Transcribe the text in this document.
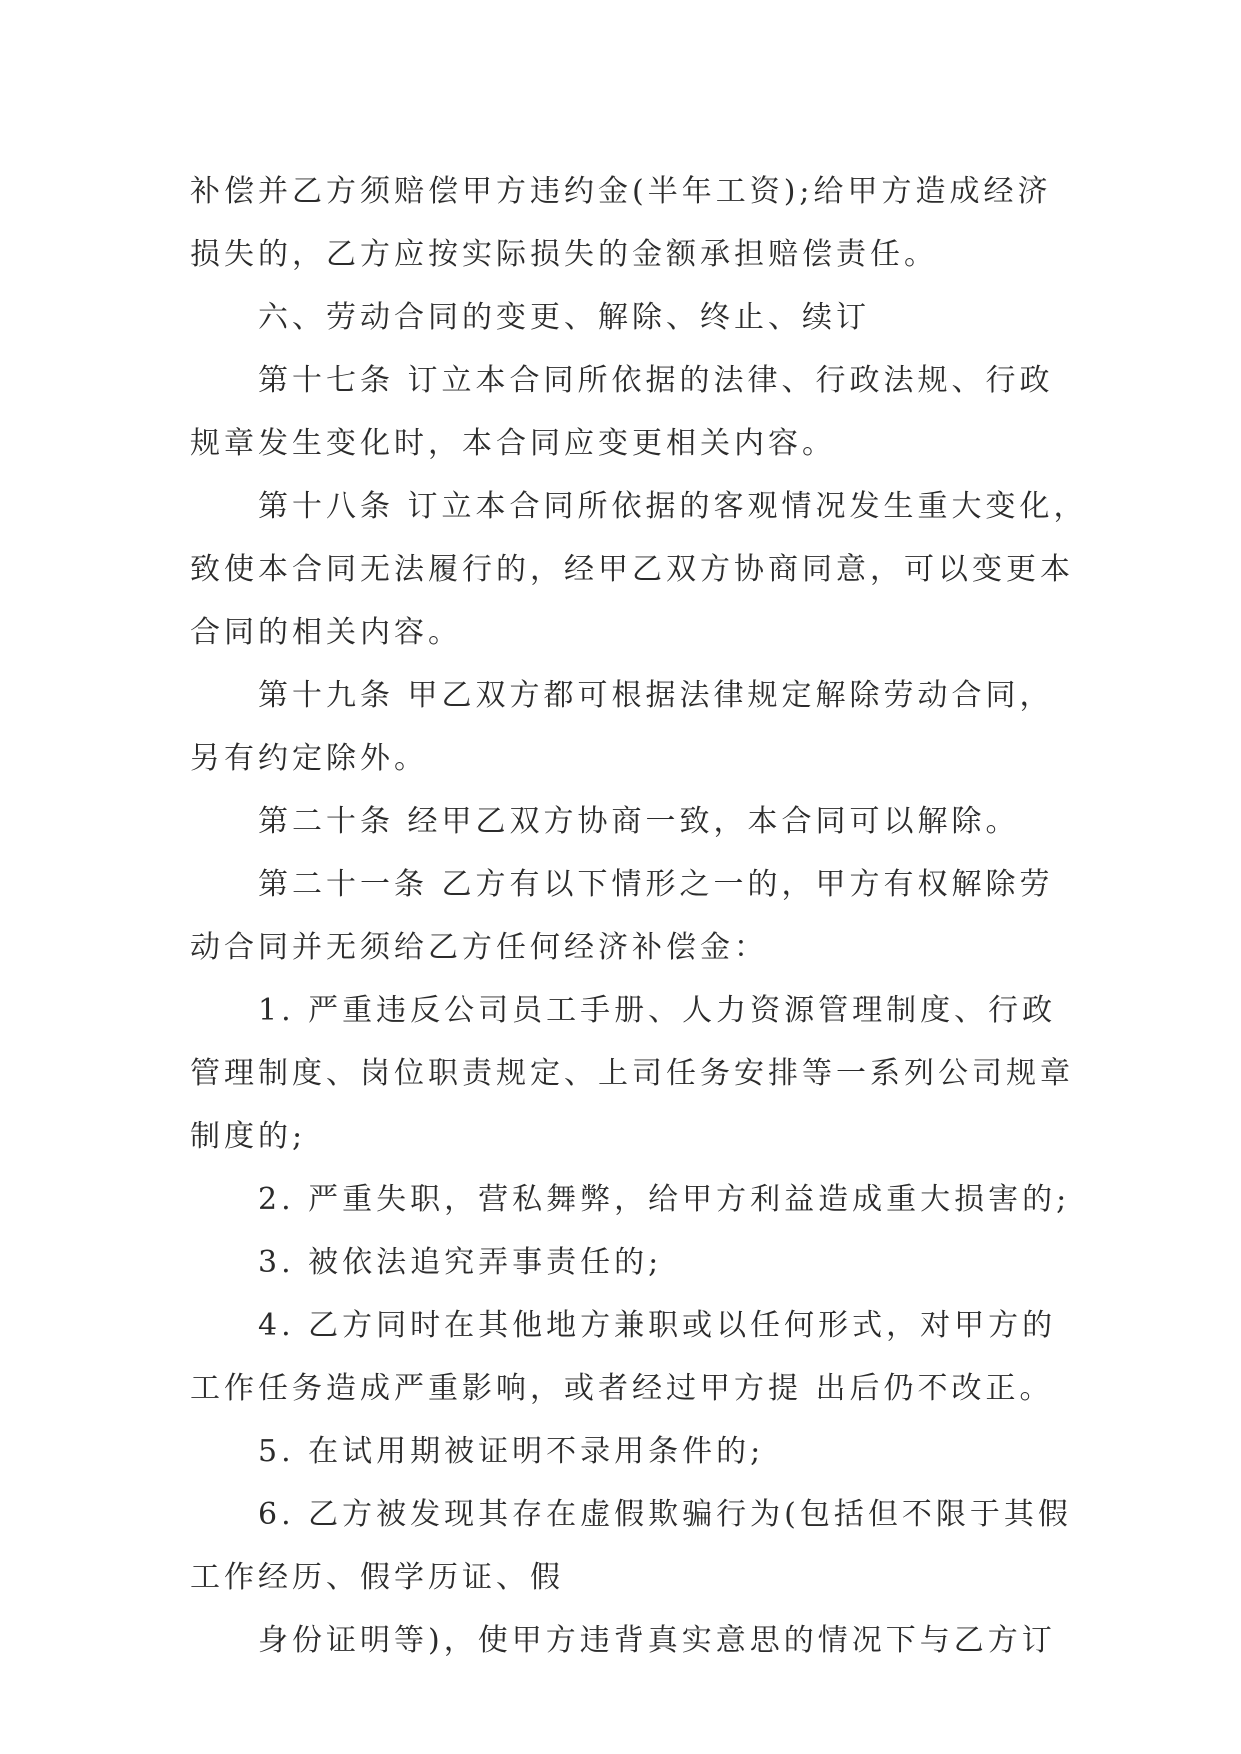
补偿并乙方须赔偿甲方违约金(半年工资);给甲方造成经济
损失的，乙方应按实际损失的金额承担赔偿责任。

六、劳动合同的变更、解除、终止、续订

第十七条 订立本合同所依据的法律、行政法规、行政
规章发生变化时，本合同应变更相关内容。

第十八条 订立本合同所依据的客观情况发生重大变化，
致使本合同无法履行的，经甲乙双方协商同意，可以变更本
合同的相关内容。

第十九条 甲乙双方都可根据法律规定解除劳动合同，
另有约定除外。

第二十条 经甲乙双方协商一致，本合同可以解除。

第二十一条 乙方有以下情形之一的，甲方有权解除劳
动合同并无须给乙方任何经济补偿金：

1. 严重违反公司员工手册、人力资源管理制度、行政
管理制度、岗位职责规定、上司任务安排等一系列公司规章
制度的;

2. 严重失职，营私舞弊，给甲方利益造成重大损害的;

3. 被依法追究弄事责任的;

4. 乙方同时在其他地方兼职或以任何形式，对甲方的
工作任务造成严重影响，或者经过甲方提 出后仍不改正。

5. 在试用期被证明不录用条件的;

6. 乙方被发现其存在虚假欺骗行为(包括但不限于其假
工作经历、假学历证、假

身份证明等)，使甲方违背真实意思的情况下与乙方订
